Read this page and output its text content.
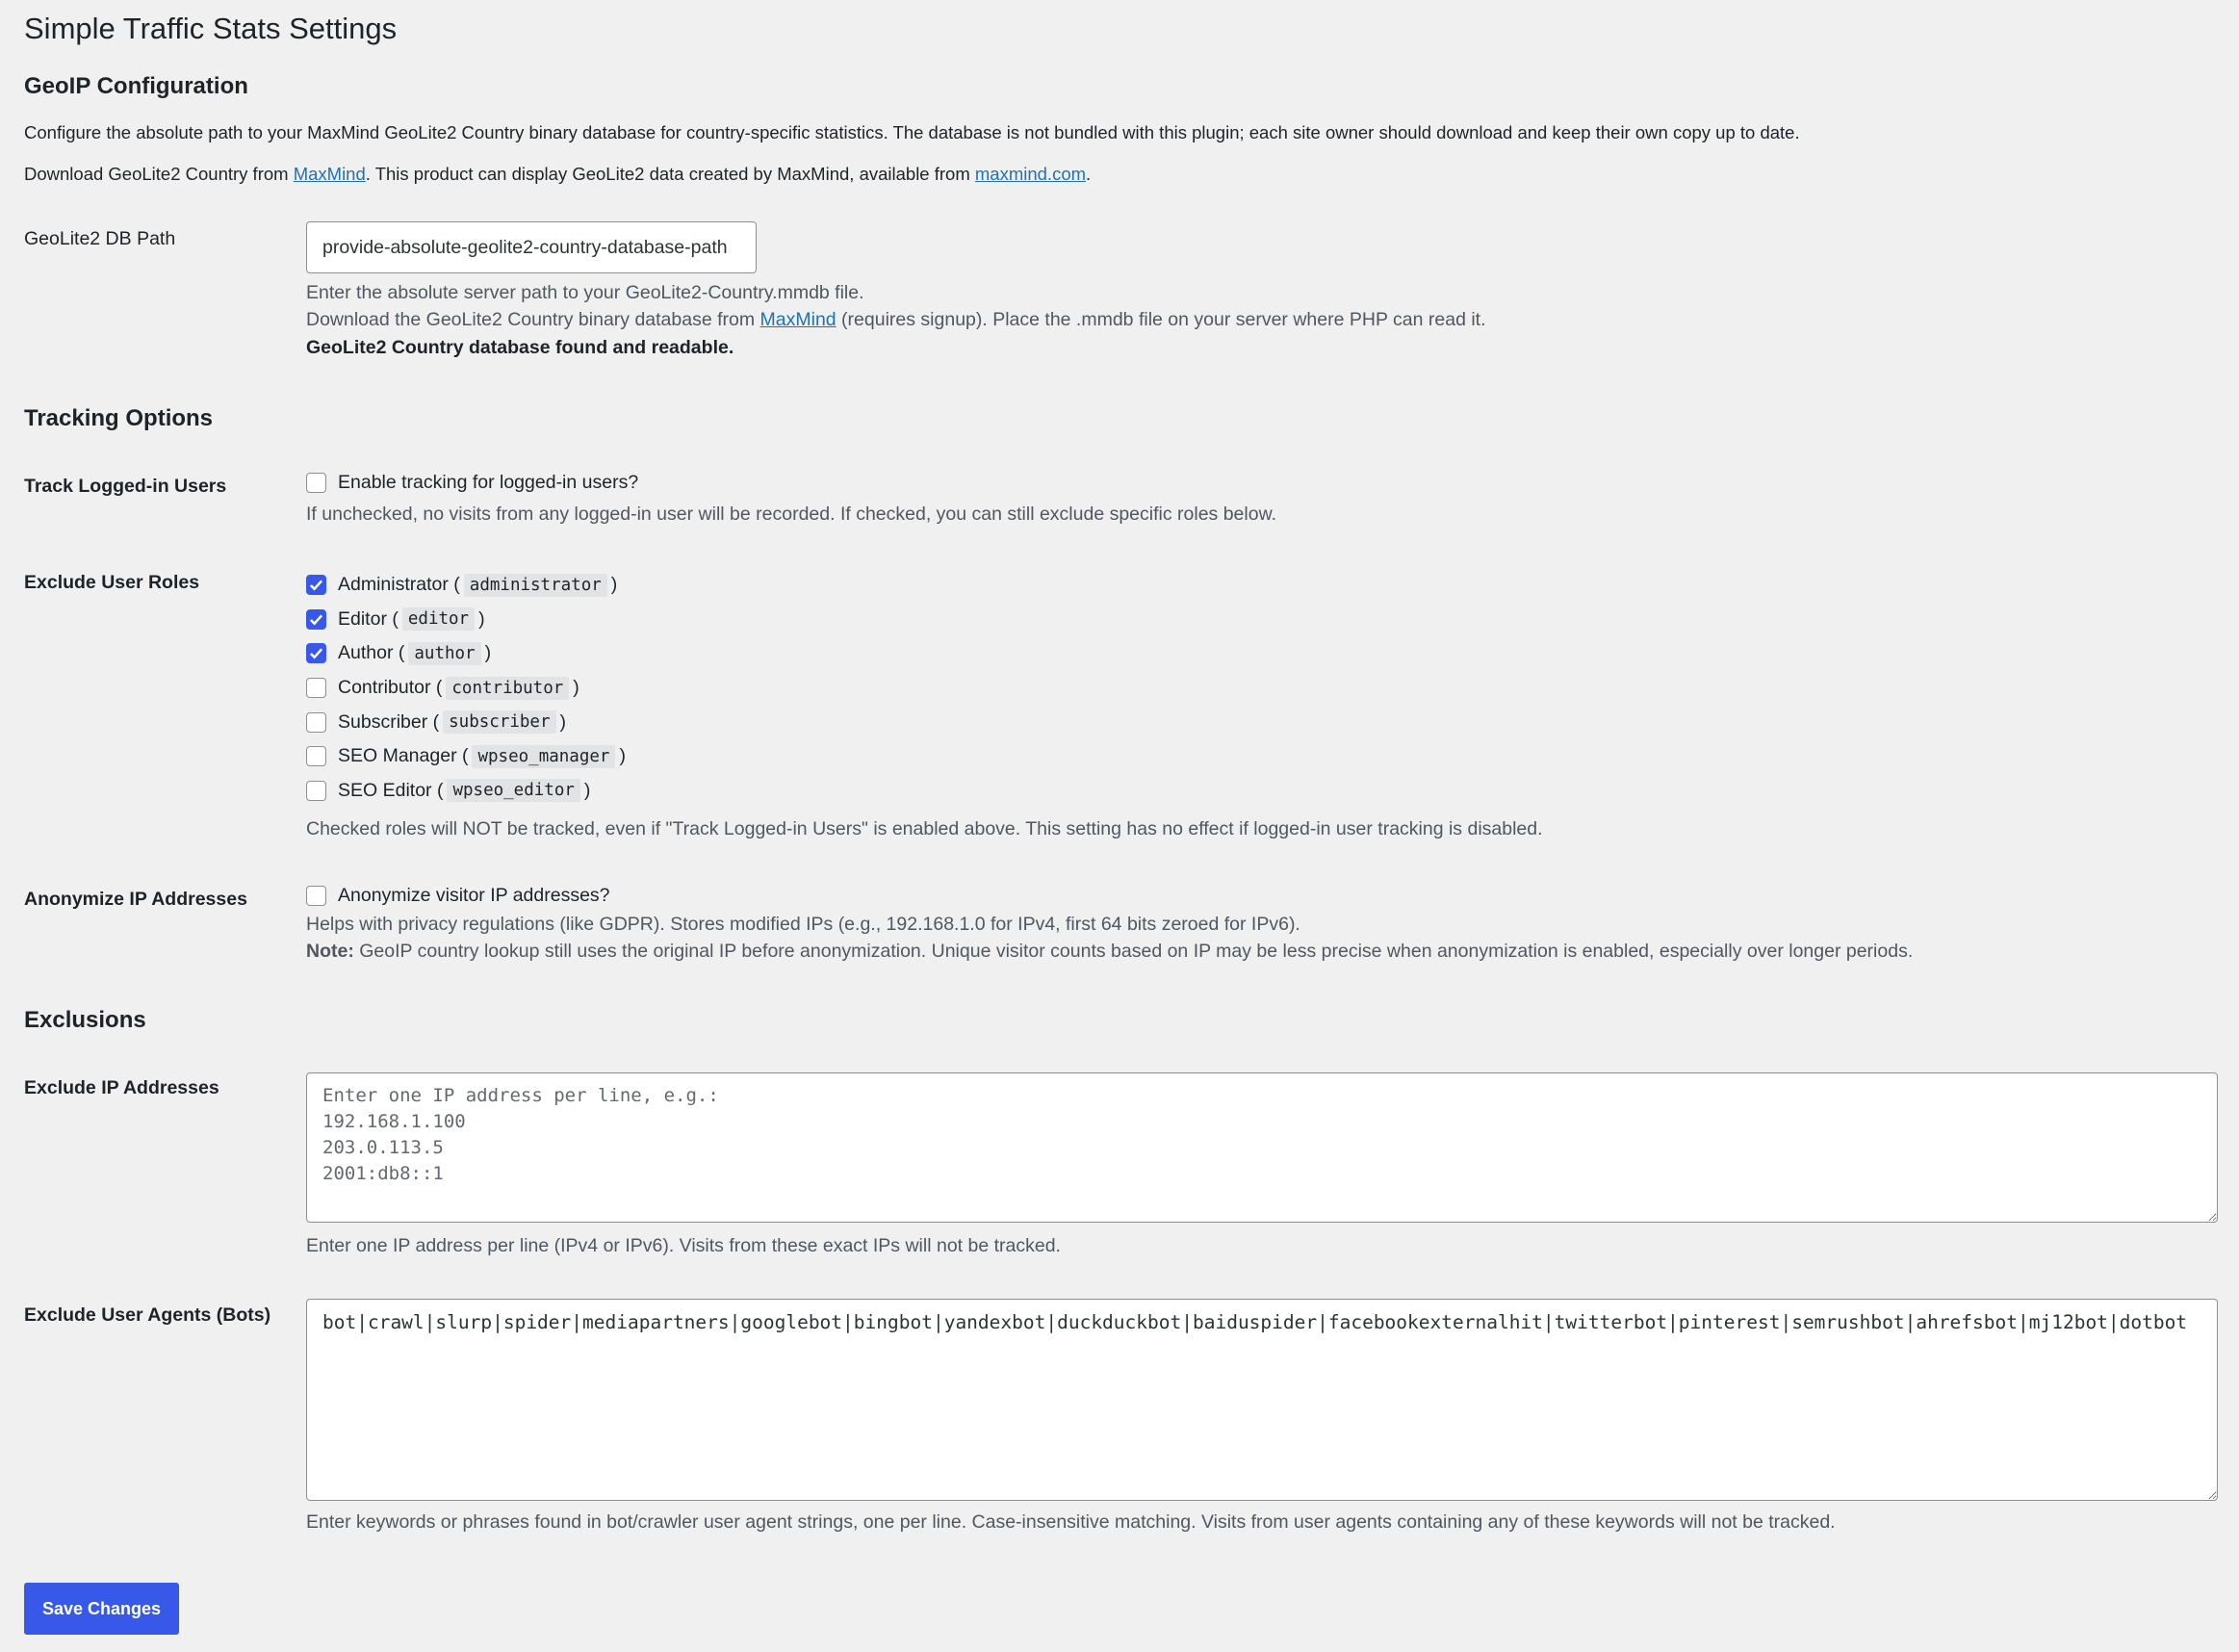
Simple Traffic Stats Settings
GeoIP Configuration

Configure the absolute path to your MaxMind GeoLite2 Country binary database for country-specific statistics. The database is not bundled with this plugin; each site owner should download and keep their own copy up to date.

Download GeoLite2 Country from MaxMind. This product can display GeoLite2 data created by MaxMind, available from maxmind.com.

GeoLite2 DB Path
provide-absolute-geolite2-country-database-path
Enter the absolute server path to your GeoLite2-Country.mmdb file.
Download the GeoLite2 Country binary database from MaxMind (requires signup). Place the .mmdb file on your server where PHP can read it.
GeoLite2 Country database found and readable.
Tracking Options
Track Logged-in Users	Enable tracking for logged-in users?
If unchecked, no visits from any logged-in user will be recorded. If checked, you can still exclude specific roles below.
Exclude User Roles	Administrator ( administrator )
Editor ( editor )
Author ( author )
Contributor ( contributor )
Subscriber ( subscriber )
SEO Manager ( wpseo_manager )
SEO Editor ( wpseo_editor )
Checked roles will NOT be tracked, even if "Track Logged-in Users" is enabled above. This setting has no effect if logged-in user tracking is disabled.
Anonymize IP Addresses	Anonymize visitor IP addresses?
Helps with privacy regulations (like GDPR). Stores modified IPs (e.g., 192.168.1.0 for IPv4, first 64 bits zeroed for IPv6).
Note: GeoIP country lookup still uses the original IP before anonymization. Unique visitor counts based on IP may be less precise when anonymization is enabled, especially over longer periods.
Exclusions
Exclude IP Addresses
Enter one IP address per line, e.g.: 192.168.1.100 203.0.113.5 2001:db8::1
Enter one IP address per line (IPv4 or IPv6). Visits from these exact IPs will not be tracked.
Exclude User Agents (Bots)
bot|crawl|slurp|spider|mediapartners|googlebot|bingbot|yandexbot|duckduckbot|baiduspider|facebookexternalhit|twitterbot|pinterest|semrushbot|ahrefsbot|mj12bot|dotbot
Enter keywords or phrases found in bot/crawler user agent strings, one per line. Case-insensitive matching. Visits from user agents containing any of these keywords will not be tracked.
Save Changes
